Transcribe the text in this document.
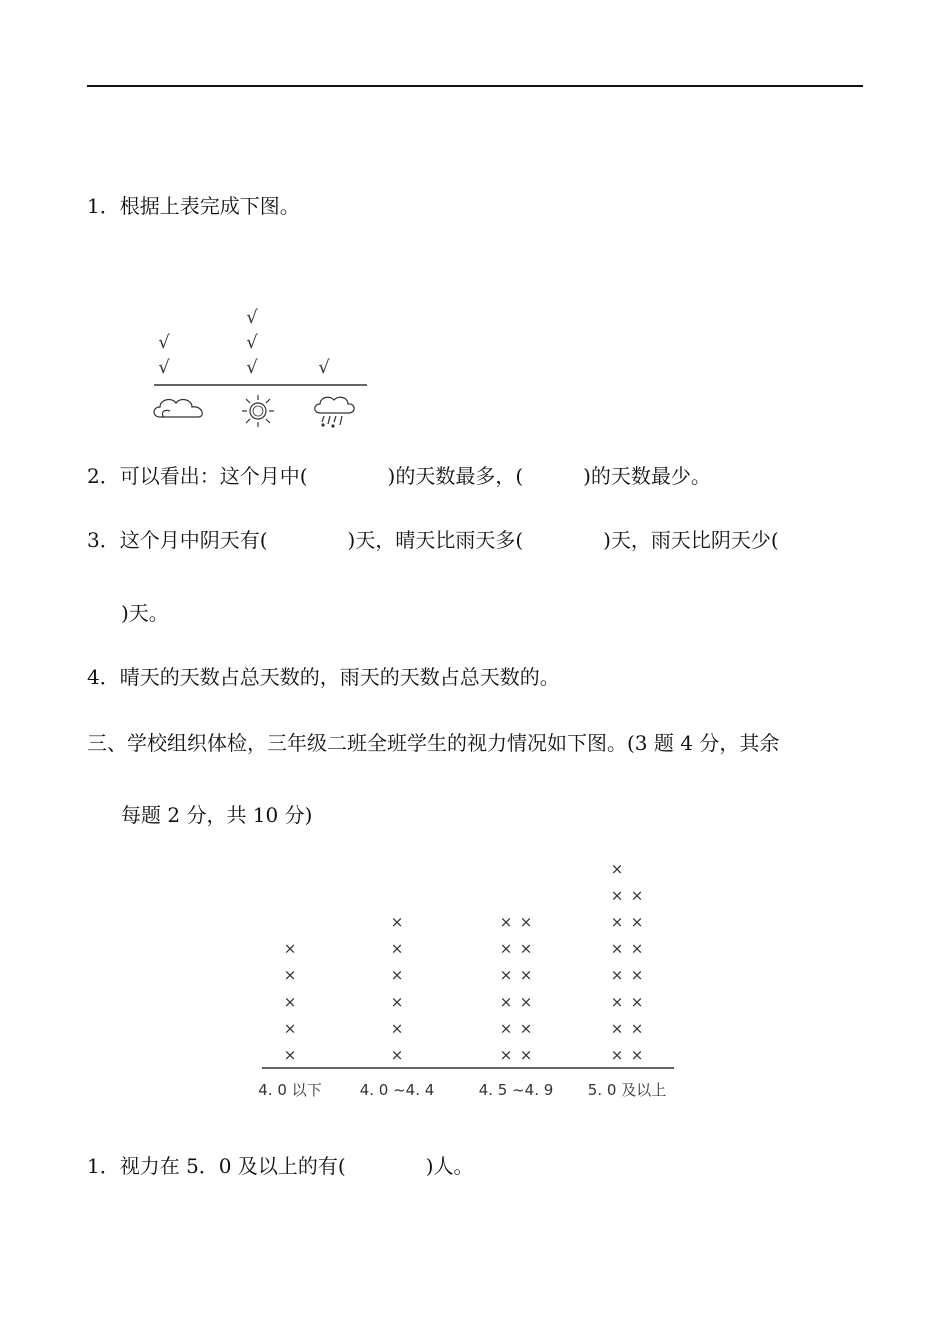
1．根据上表完成下图。
√
√
√
√
√
√
2．可以看出：这个月中(　　　　)的天数最多，(　　　)的天数最少。
3．这个月中阴天有(　　　　)天，晴天比雨天多(　　　　)天，雨天比阴天少(
)天。
4．晴天的天数占总天数的，雨天的天数占总天数的。
三、学校组织体检，三年级二班全班学生的视力情况如下图。(3 题 4 分，其余
每题 2 分，共 10 分)
×
×
×
×
×
×
×
×
×
×
×
× ×
× ×
× ×
× ×
× ×
× ×
× ×
× ×
× ×
× ×
× ×
× ×
× ×
×
4. 0 以下	4. 0 ~4. 4	4. 5 ~4. 9 5. 0 及以上
1．视力在 5．0 及以上的有(　　　　)人。
